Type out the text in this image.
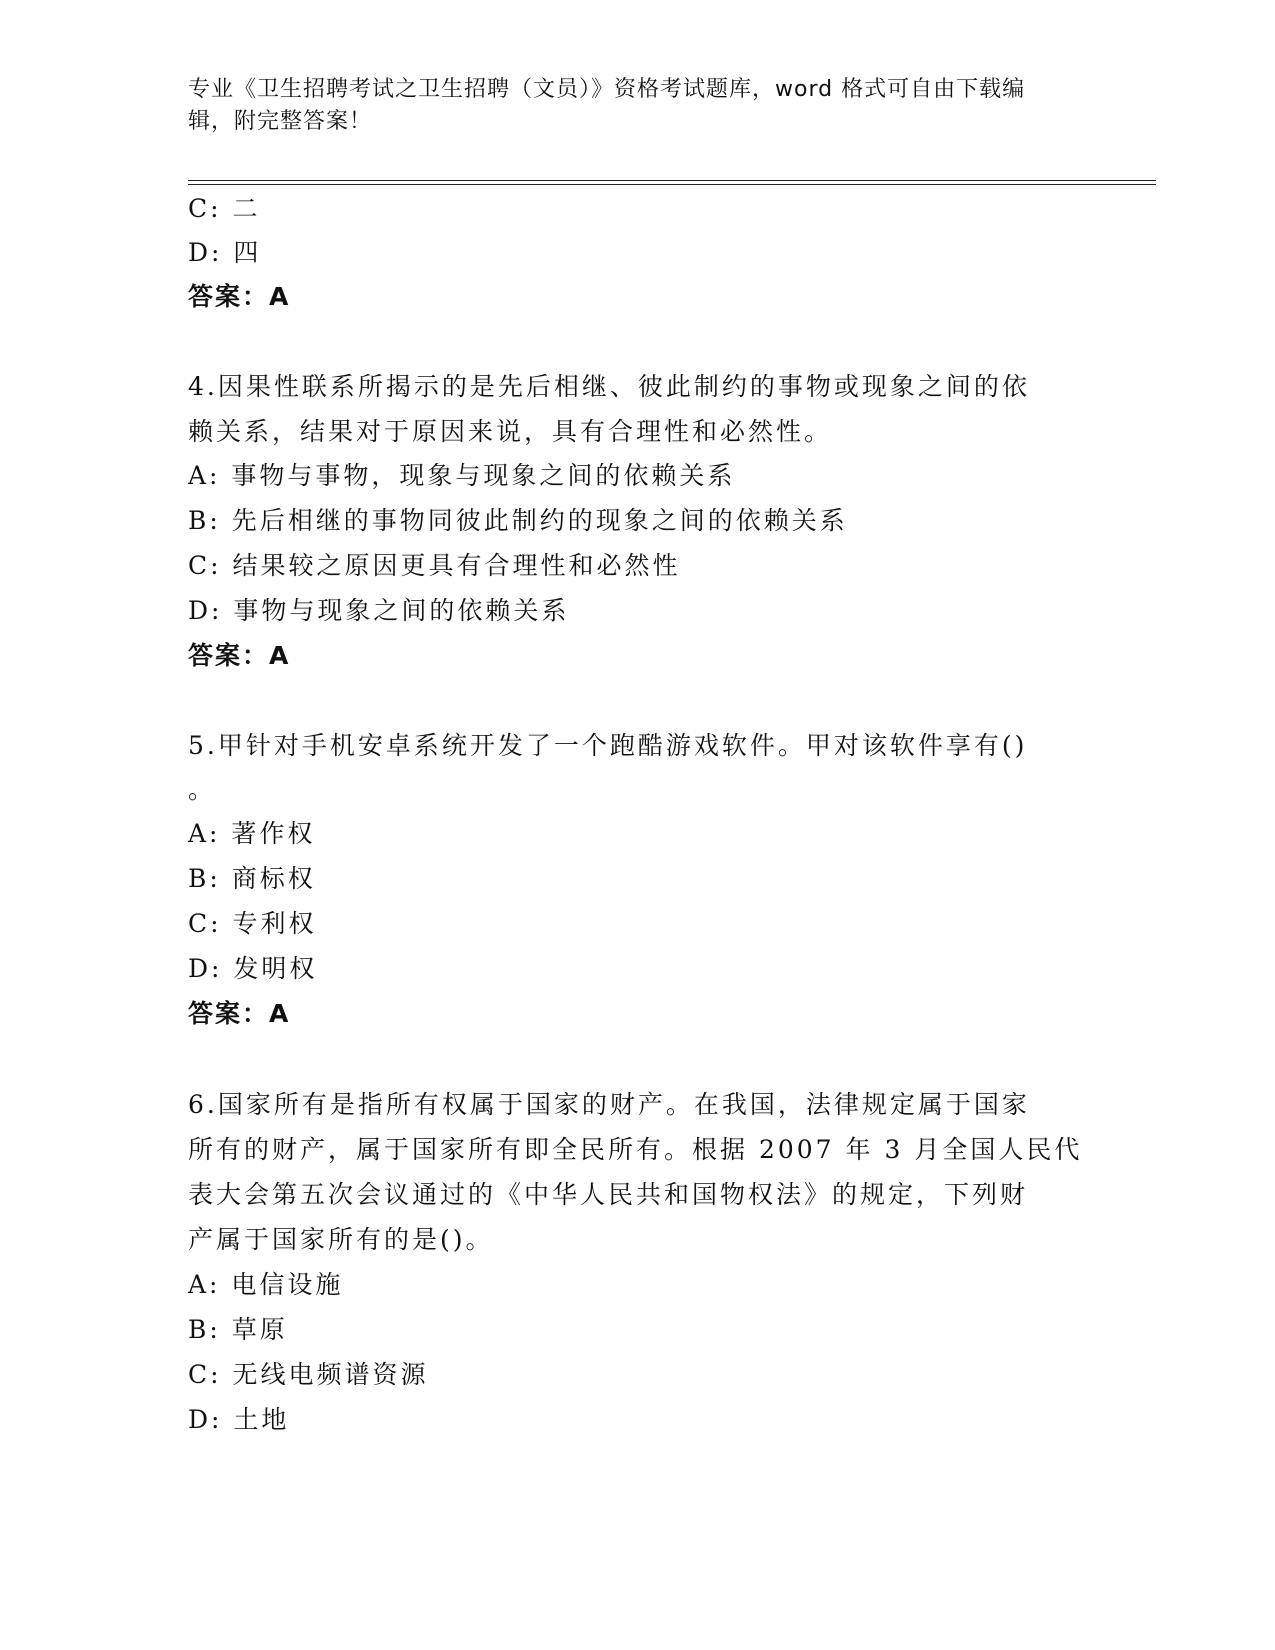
专业《卫生招聘考试之卫生招聘（文员）》资格考试题库，word 格式可自由下载编辑，附完整答案！
C: 二
D: 四
答案：A
4.因果性联系所揭示的是先后相继、彼此制约的事物或现象之间的依
赖关系，结果对于原因来说，具有合理性和必然性。
A: 事物与事物，现象与现象之间的依赖关系
B: 先后相继的事物同彼此制约的现象之间的依赖关系
C: 结果较之原因更具有合理性和必然性
D: 事物与现象之间的依赖关系
答案：A
5.甲针对手机安卓系统开发了一个跑酷游戏软件。甲对该软件享有()
。
A: 著作权
B: 商标权
C: 专利权
D: 发明权
答案：A
6.国家所有是指所有权属于国家的财产。在我国，法律规定属于国家
所有的财产，属于国家所有即全民所有。根据 2007 年 3 月全国人民代
表大会第五次会议通过的《中华人民共和国物权法》的规定，下列财
产属于国家所有的是()。
A: 电信设施
B: 草原
C: 无线电频谱资源
D: 土地
